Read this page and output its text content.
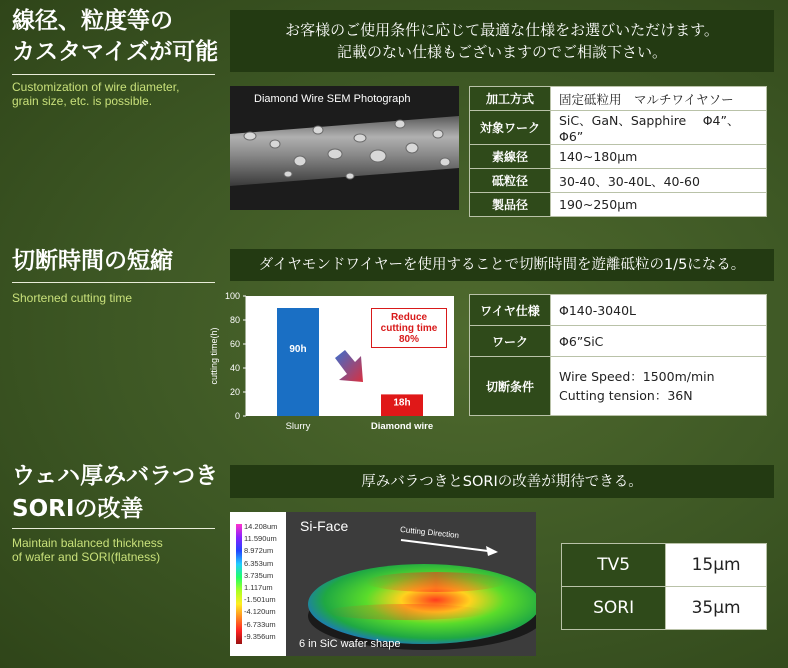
線径、粒度等の
カスタマイズが可能
Customization of wire diameter,
grain size, etc. is possible.
お客様のご使用条件に応じて最適な仕様をお選びいただけます。
記載のない仕様もございますのでご相談下さい。
Diamond Wire SEM Photograph	加工方式	固定砥粒用　マルチワイヤソー
対象ワーク	SiC、GaN、Sapphire　 Φ4”、Φ6”
素線径	140~180μm
砥粒径	30-40、30-40L、40-60
製品径	190~250μm
切断時間の短縮
Shortened cutting time
ダイヤモンドワイヤーを使用することで切断時間を遊離砥粒の1/5になる。
cutting time(h)
0
20
40
60
80
100
90h
Slurry
18h
Diamond wire
Reduce
cutting time
80%
ワイヤ仕様	Φ140-3040L
ワーク	Φ6”SiC
切断条件	Wire Speed：1500m/min
Cutting tension：36N
ウェハ厚みバラつき
SORIの改善
Maintain balanced thickness
of wafer and SORI(flatness)
厚みバラつきとSORIの改善が期待できる。
14.208um
11.590um
8.972um
6.353um
3.735um
1.117um
-1.501um
-4.120um
-6.733um
-9.356um
Si-Face	Cutting Direction
6 in SiC wafer shape
TV5	15μm
SORI	35μm
